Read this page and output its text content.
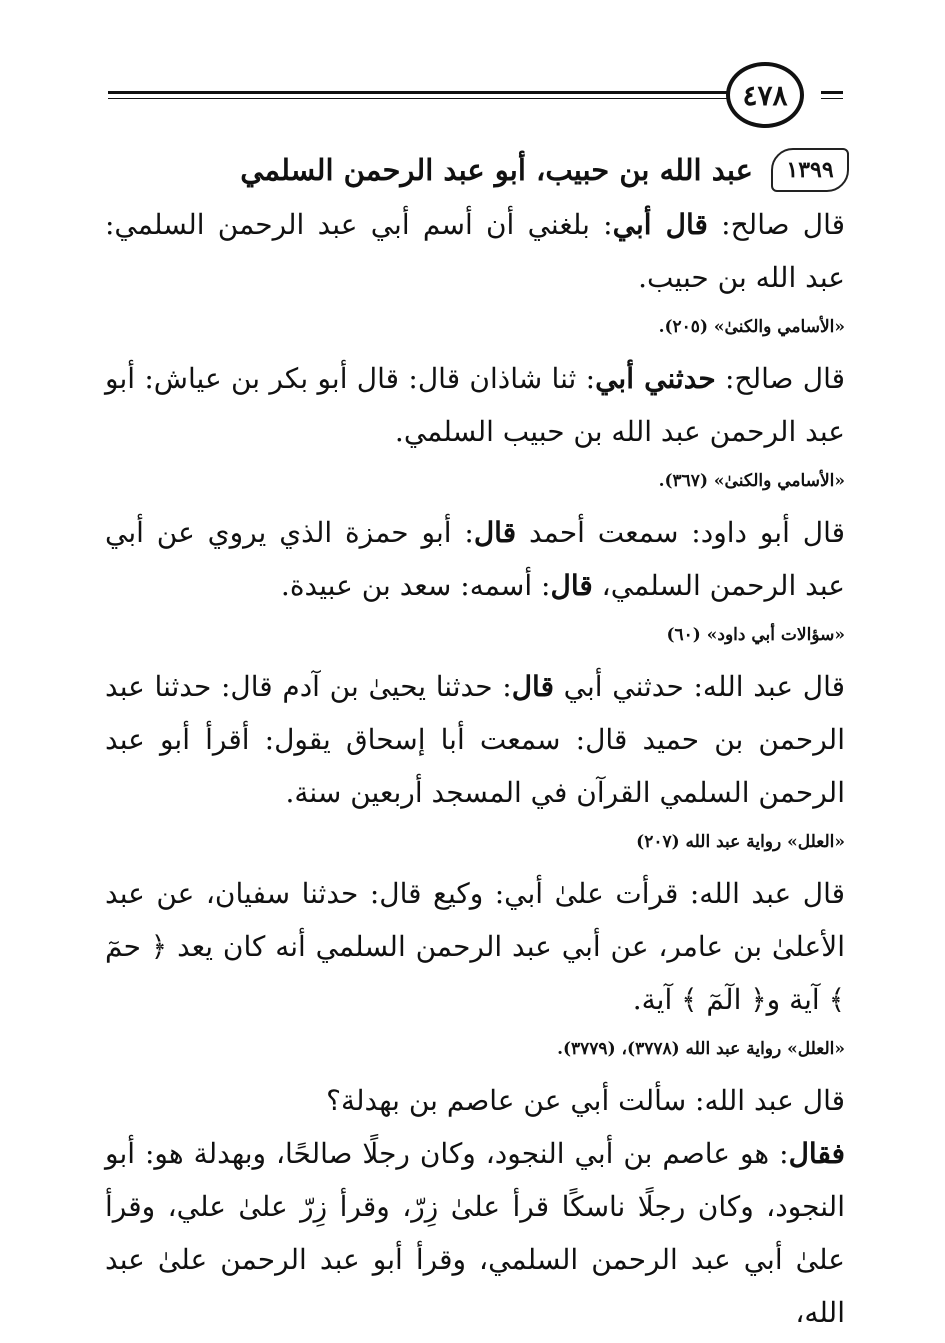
٤٧٨
١٣٩٩
عبد الله بن حبيب، أبو عبد الرحمن السلمي

قال صالح: قال أبي: بلغني أن أسم أبي عبد الرحمن السلمي: عبد الله بن حبيب.

«الأسامي والكنىٰ» (٢٠٥).

قال صالح: حدثني أبي: ثنا شاذان قال: قال أبو بكر بن عياش: أبو عبد الرحمن عبد الله بن حبيب السلمي.

«الأسامي والكنىٰ» (٣٦٧).

قال أبو داود: سمعت أحمد قال: أبو حمزة الذي يروي عن أبي عبد الرحمن السلمي، قال: أسمه: سعد بن عبيدة.

«سؤالات أبي داود» (٦٠)

قال عبد الله: حدثني أبي قال: حدثنا يحيىٰ بن آدم قال: حدثنا عبد الرحمن بن حميد قال: سمعت أبا إسحاق يقول: أقرأ أبو عبد الرحمن السلمي القرآن في المسجد أربعين سنة.

«العلل» رواية عبد الله (٢٠٧)

قال عبد الله: قرأت علىٰ أبي: وكيع قال: حدثنا سفيان، عن عبد الأعلىٰ بن عامر، عن أبي عبد الرحمن السلمي أنه كان يعد ﴿ حمٓ ﴾ آية و﴿ الٓمٓ ﴾ آية.

«العلل» رواية عبد الله (٣٧٧٨)، (٣٧٧٩).

قال عبد الله: سألت أبي عن عاصم بن بهدلة؟

فقال: هو عاصم بن أبي النجود، وكان رجلًا صالحًا، وبهدلة هو: أبو النجود، وكان رجلًا ناسكًا قرأ علىٰ زِرّ، وقرأ زِرّ علىٰ علي، وقرأ علىٰ أبي عبد الرحمن السلمي، وقرأ أبو عبد الرحمن علىٰ عبد الله،
